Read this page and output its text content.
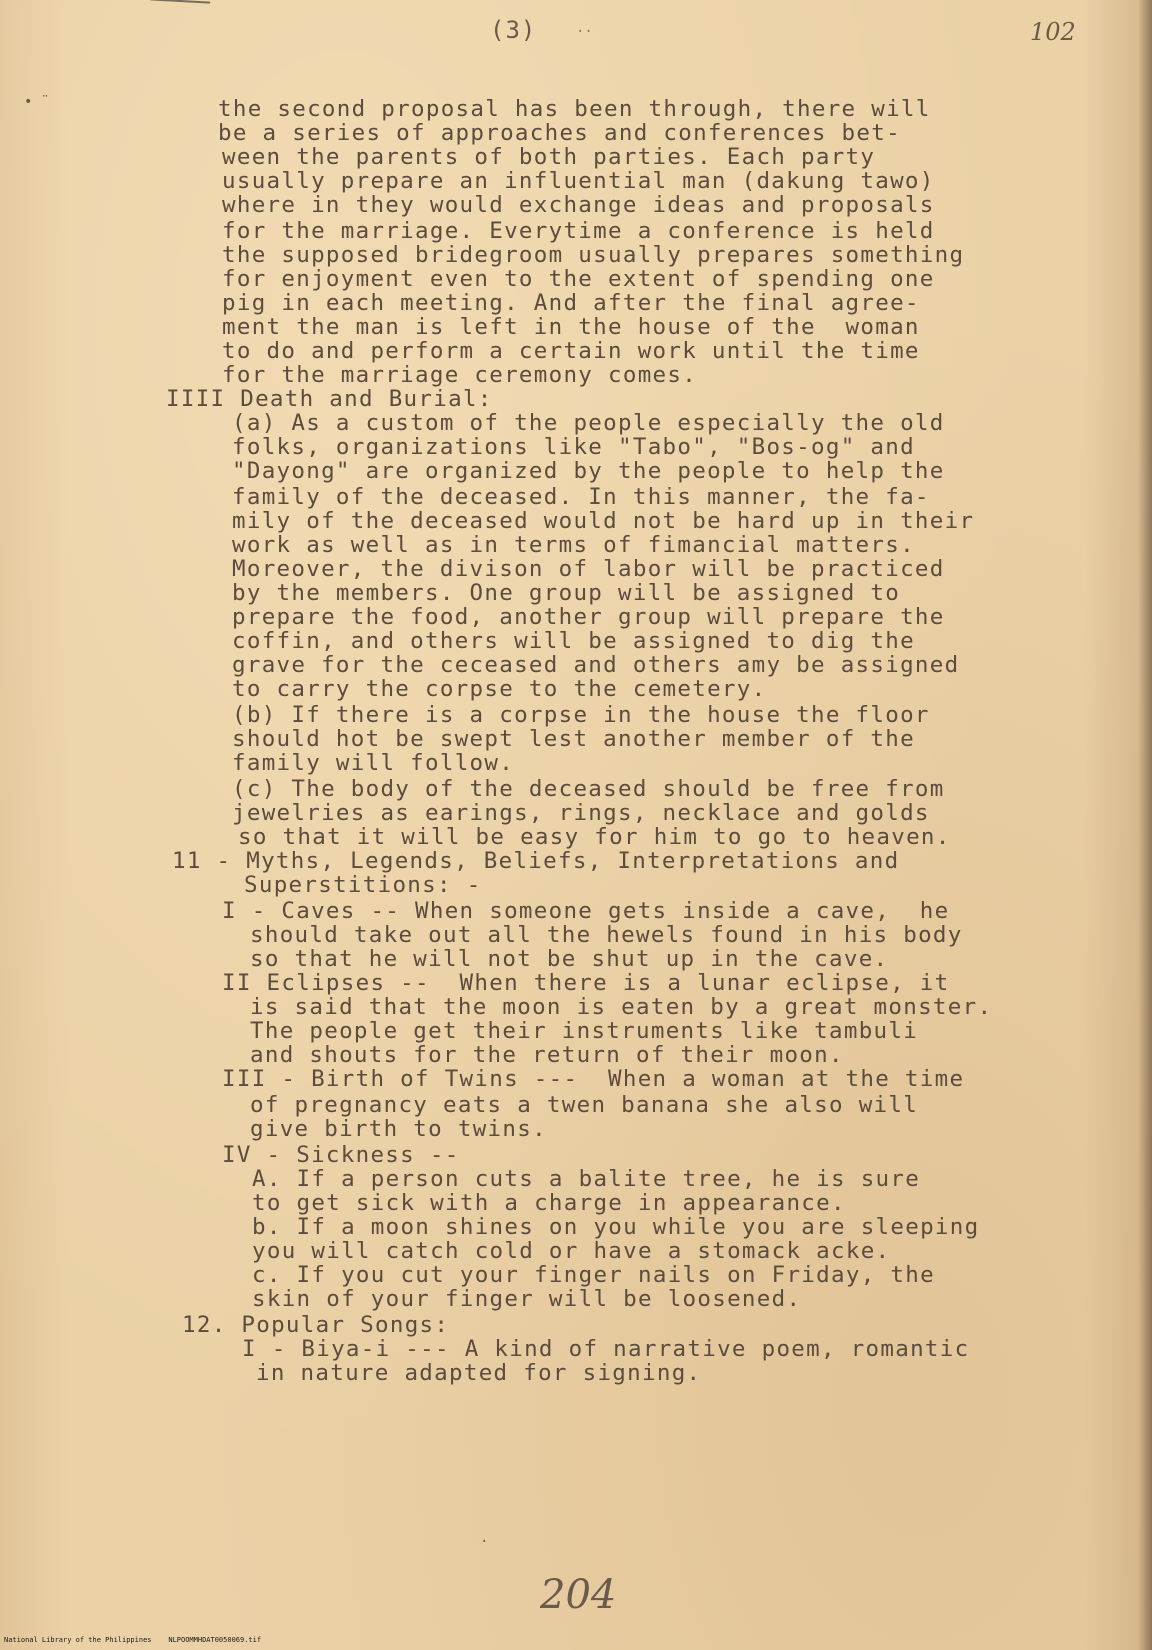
(3)	..	102
• ¨	the second proposal has been through, there will
be a series of approaches and conferences bet-
ween the parents of both parties. Each party
usually prepare an influential man (dakung tawo)
where in they would exchange ideas and proposals
for the marriage. Everytime a conference is held
the supposed bridegroom usually prepares something
for enjoyment even to the extent of spending one
pig in each meeting. And after the final agree-
ment the man is left in the house of the  woman
to do and perform a certain work until the time
for the marriage ceremony comes.
IIII Death and Burial:
(a) As a custom of the people especially the old
folks, organizations like "Tabo", "Bos-og" and
"Dayong" are organized by the people to help the
family of the deceased. In this manner, the fa-
mily of the deceased would not be hard up in their
work as well as in terms of fimancial matters.
Moreover, the divison of labor will be practiced
by the members. One group will be assigned to
prepare the food, another group will prepare the
coffin, and others will be assigned to dig the
grave for the ceceased and others amy be assigned
to carry the corpse to the cemetery.
(b) If there is a corpse in the house the floor
should hot be swept lest another member of the
family will follow.
(c) The body of the deceased should be free from
jewelries as earings, rings, necklace and golds
so that it will be easy for him to go to heaven.
11 - Myths, Legends, Beliefs, Interpretations and
Superstitions: -
I - Caves -- When someone gets inside a cave,  he
should take out all the hewels found in his body
so that he will not be shut up in the cave.
II Eclipses --  When there is a lunar eclipse, it
is said that the moon is eaten by a great monster.
The people get their instruments like tambuli
and shouts for the return of their moon.
III - Birth of Twins ---  When a woman at the time
of pregnancy eats a twen banana she also will
give birth to twins.
IV - Sickness --
A. If a person cuts a balite tree, he is sure
to get sick with a charge in appearance.
b. If a moon shines on you while you are sleeping
you will catch cold or have a stomack acke.
c. If you cut your finger nails on Friday, the
skin of your finger will be loosened.
12. Popular Songs:
I - Biya-i --- A kind of narrative poem, romantic
in nature adapted for signing.
·
204
National Library of the Philippines    NLPOOMMHDAT0050069.tif
